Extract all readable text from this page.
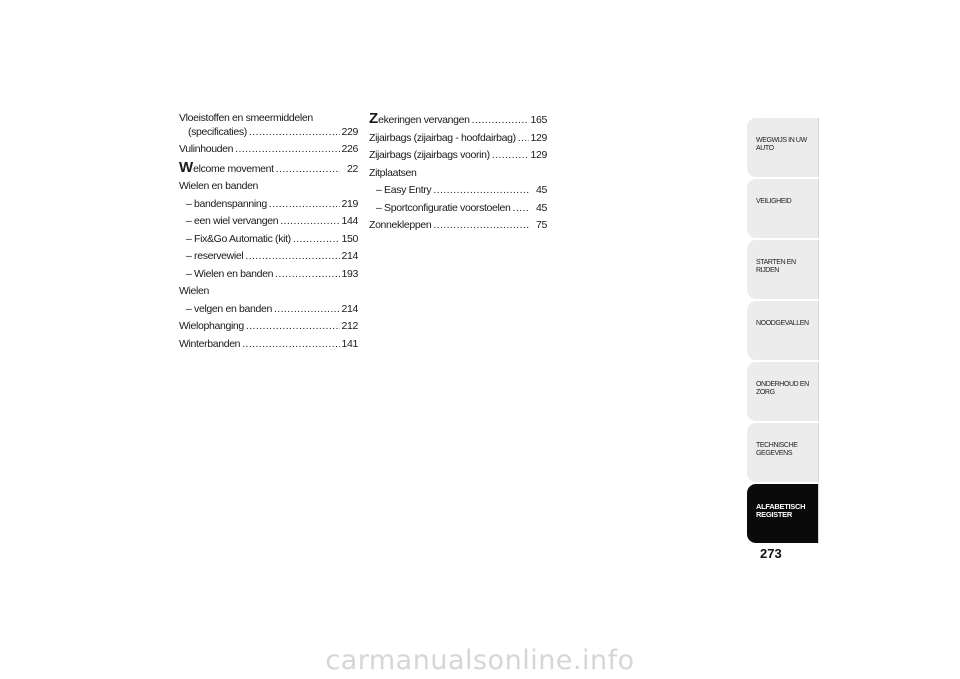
Vloeistoffen en smeermiddelen
(specificaties) .....	229
Vulinhouden .....	226
Welcome movement .....	22
Wielen en banden
– bandenspanning .....	219
– een wiel vervangen .....	144
– Fix&Go Automatic (kit) .....	150
– reservewiel .....	214
– Wielen en banden .....	193
Wielen
– velgen en banden .....	214
Wielophanging .....	212
Winterbanden .....	141
Zekeringen vervangen .....	165
Zijairbags (zijairbag - hoofdairbag) ..... 129
Zijairbags (zijairbags voorin) .....	129
Zitplaatsen
– Easy Entry .....	45
– Sportconfiguratie voorstoelen .....	45
Zonnekleppen .....	75
WEGWIJS IN UW AUTO
VEILIGHEID
STARTEN EN RIJDEN
NOODGEVALLEN
ONDERHOUD EN ZORG
TECHNISCHE GEGEVENS
ALFABETISCH REGISTER
273
carmanualsonline.info
